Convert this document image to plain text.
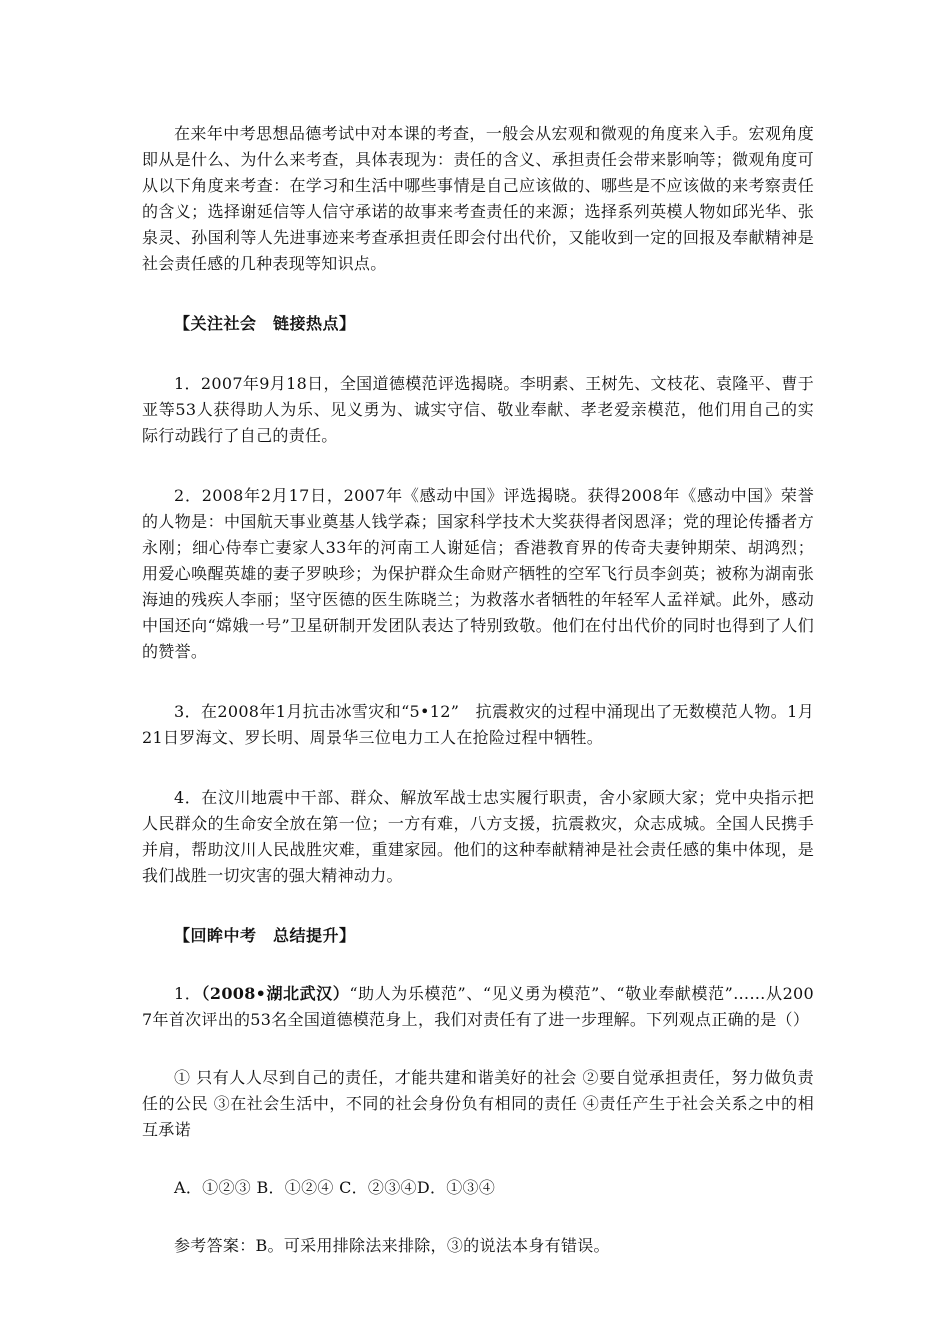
在来年中考思想品德考试中对本课的考查，一般会从宏观和微观的角度来入手。宏观角度即从是什么、为什么来考查，具体表现为：责任的含义、承担责任会带来影响等；微观角度可从以下角度来考查：在学习和生活中哪些事情是自己应该做的、哪些是不应该做的来考察责任的含义；选择谢延信等人信守承诺的故事来考查责任的来源；选择系列英模人物如邱光华、张泉灵、孙国利等人先进事迹来考查承担责任即会付出代价，又能收到一定的回报及奉献精神是社会责任感的几种表现等知识点。

【关注社会　链接热点】

1．2007年9月18日，全国道德模范评选揭晓。李明素、王树先、文枝花、袁隆平、曹于亚等53人获得助人为乐、见义勇为、诚实守信、敬业奉献、孝老爱亲模范，他们用自己的实际行动践行了自己的责任。

2．2008年2月17日，2007年《感动中国》评选揭晓。获得2008年《感动中国》荣誉的人物是：中国航天事业奠基人钱学森；国家科学技术大奖获得者闵恩泽；党的理论传播者方永刚；细心侍奉亡妻家人33年的河南工人谢延信；香港教育界的传奇夫妻钟期荣、胡鸿烈；用爱心唤醒英雄的妻子罗映珍；为保护群众生命财产牺牲的空军飞行员李剑英；被称为湖南张海迪的残疾人李丽；坚守医德的医生陈晓兰；为救落水者牺牲的年轻军人孟祥斌。此外，感动中国还向“嫦娥一号”卫星研制开发团队表达了特别致敬。他们在付出代价的同时也得到了人们的赞誉。

3．在2008年1月抗击冰雪灾和“5•12”　抗震救灾的过程中涌现出了无数模范人物。1月21日罗海文、罗长明、周景华三位电力工人在抢险过程中牺牲。

4．在汶川地震中干部、群众、解放军战士忠实履行职责，舍小家顾大家；党中央指示把人民群众的生命安全放在第一位；一方有难，八方支援，抗震救灾，众志成城。全国人民携手并肩，帮助汶川人民战胜灾难，重建家园。他们的这种奉献精神是社会责任感的集中体现，是我们战胜一切灾害的强大精神动力。

【回眸中考　总结提升】

1．（2008•湖北武汉）“助人为乐模范”、“见义勇为模范”、“敬业奉献模范”……从2007年首次评出的53名全国道德模范身上，我们对责任有了进一步理解。下列观点正确的是（）

① 只有人人尽到自己的责任，才能共建和谐美好的社会 ②要自觉承担责任，努力做负责任的公民 ③在社会生活中，不同的社会身份负有相同的责任 ④责任产生于社会关系之中的相互承诺

A．①②③ B．①②④ C．②③④D．①③④

参考答案：B。可采用排除法来排除，③的说法本身有错误。
